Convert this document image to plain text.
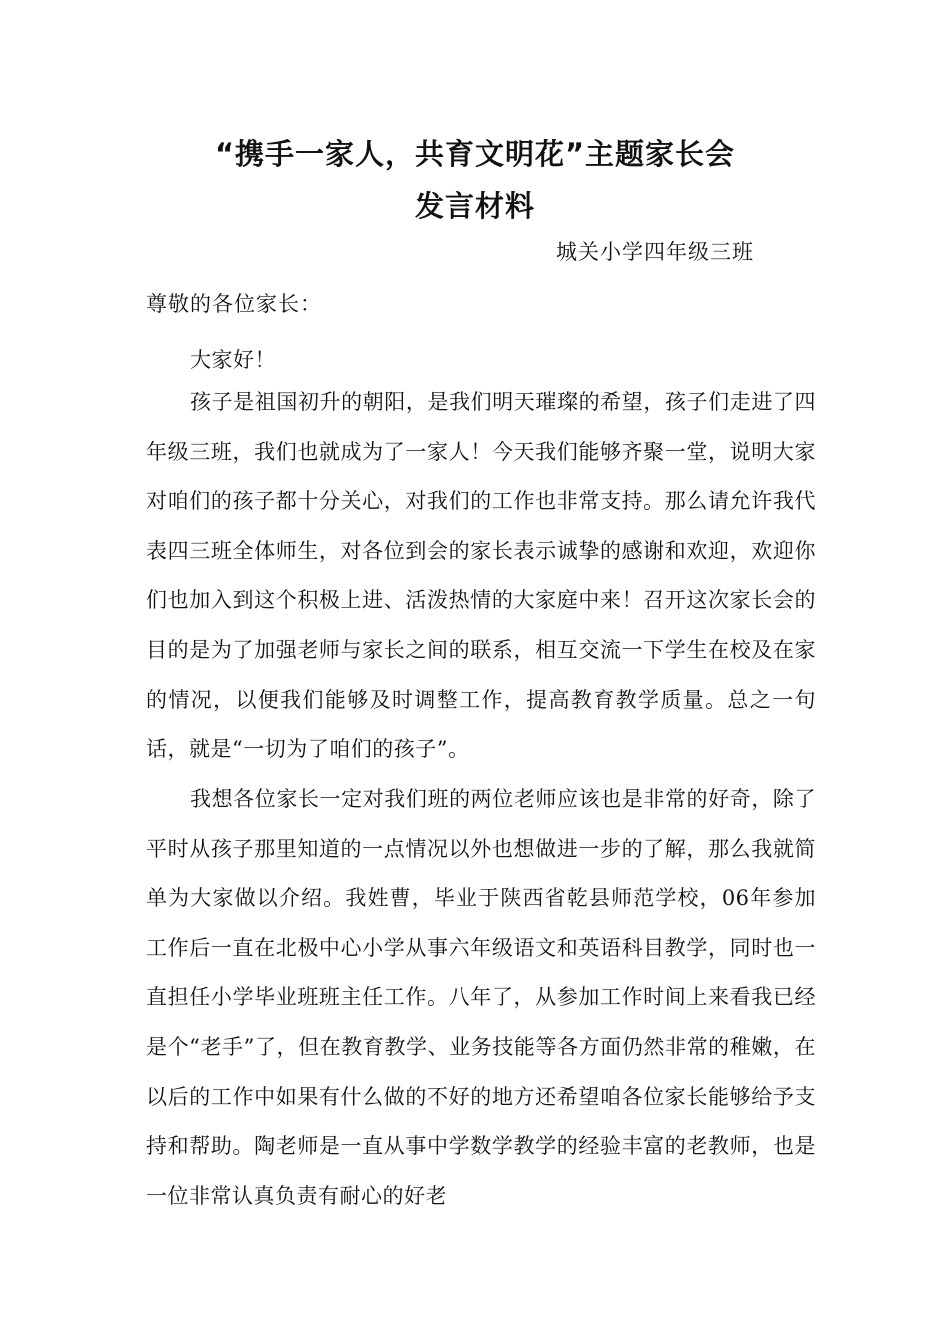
“携手一家人，共育文明花”主题家长会
发言材料
城关小学四年级三班
尊敬的各位家长：

大家好！

孩子是祖国初升的朝阳，是我们明天璀璨的希望，孩子们走进了四年级三班，我们也就成为了一家人！今天我们能够齐聚一堂，说明大家对咱们的孩子都十分关心，对我们的工作也非常支持。那么请允许我代表四三班全体师生，对各位到会的家长表示诚挚的感谢和欢迎，欢迎你们也加入到这个积极上进、活泼热情的大家庭中来！召开这次家长会的目的是为了加强老师与家长之间的联系，相互交流一下学生在校及在家的情况，以便我们能够及时调整工作，提高教育教学质量。总之一句话，就是“一切为了咱们的孩子”。

我想各位家长一定对我们班的两位老师应该也是非常的好奇，除了平时从孩子那里知道的一点情况以外也想做进一步的了解，那么我就简单为大家做以介绍。我姓曹，毕业于陕西省乾县师范学校，06年参加工作后一直在北极中心小学从事六年级语文和英语科目教学，同时也一直担任小学毕业班班主任工作。八年了，从参加工作时间上来看我已经是个“老手”了，但在教育教学、业务技能等各方面仍然非常的稚嫩，在以后的工作中如果有什么做的不好的地方还希望咱各位家长能够给予支持和帮助。陶老师是一直从事中学数学教学的经验丰富的老教师，也是一位非常认真负责有耐心的好老
